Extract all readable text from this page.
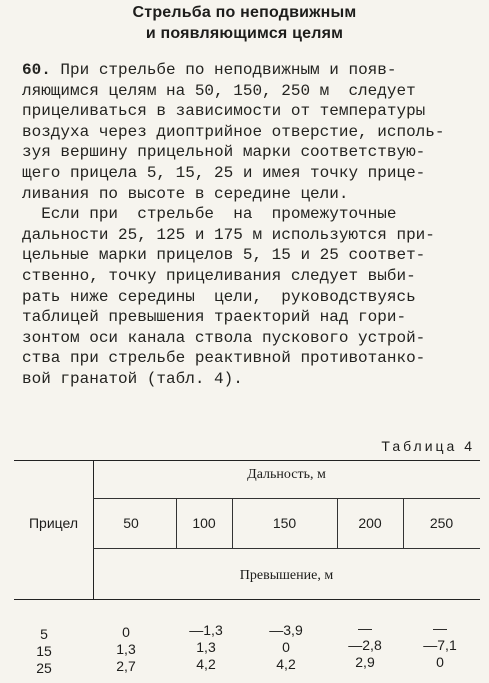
Стрельба по неподвижным
и появляющимся целям
60. При стрельбе по неподвижным и появ-
ляющимся целям на 50, 150, 250 м  следует
прицеливаться в зависимости от температуры
воздуха через диоптрийное отверстие, исполь-
зуя вершину прицельной марки соответствую-
щего прицела 5, 15, 25 и имея точку прице-
ливания по высоте в середине цели.
Если при  стрельбе  на  промежуточные
дальности 25, 125 и 175 м используются при-
цельные марки прицелов 5, 15 и 25 соответ-
ственно, точку прицеливания следует выби-
рать ниже середины  цели,  руководствуясь
таблицей превышения траекторий над гори-
зонтом оси канала ствола пускового устрой-
ства при стрельбе реактивной противотанко-
вой гранатой (табл. 4).
Таблица 4
Дальность, м
Прицел	50	100	150	200	250
Превышение, м
5	0	—1,3	—3,9	—	—
15	1,3	1,3	0	—2,8	—7,1
25	2,7	4,2	4,2	2,9	0
